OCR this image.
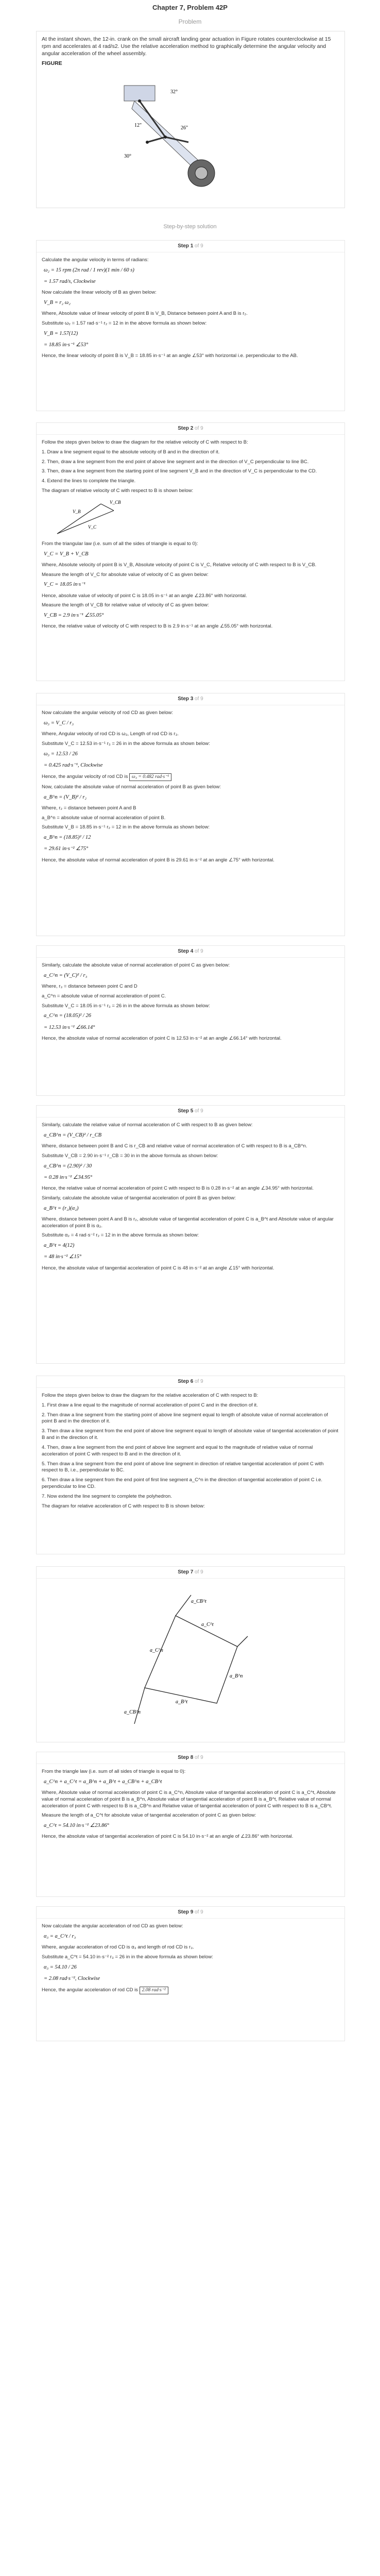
Chapter 7, Problem 42P
Problem
At the instant shown, the 12-in. crank on the small aircraft landing gear actuation in Figure rotates counterclockwise at 15 rpm and accelerates at 4 rad/s2. Use the relative acceleration method to graphically determine the angular velocity and angular acceleration of the wheel assembly.
FIGURE
32°
30°
26"
12"
Step-by-step solution
Step 1 of 9

Calculate the angular velocity in terms of radians:

ω₂ = 15 rpm (2π rad / 1 rev)(1 min / 60 s)
= 1.57 rad/s, Clockwise

Now calculate the linear velocity of B as given below:

V_B = r₂ ω₂

Where, Absolute value of linear velocity of point B is V_B, Distance between point A and B is r₂.

Substitute ω₂ = 1.57 rad·s⁻¹ r₂ = 12 in in the above formula as shown below:

V_B = 1.57(12)
= 18.85 in·s⁻¹ ∠53°

Hence, the linear velocity of point B is V_B = 18.85 in·s⁻¹ at an angle ∠53° with horizontal i.e. perpendicular to the AB.

Step 2 of 9

Follow the steps given below to draw the diagram for the relative velocity of C with respect to B:

1. Draw a line segment equal to the absolute velocity of B and in the direction of it.

2. Then, draw a line segment from the end point of above line segment and in the direction of V_C perpendicular to line BC.

3. Then, draw a line segment from the starting point of line segment V_B and in the direction of V_C is perpendicular to the CD.

4. Extend the lines to complete the triangle.

The diagram of relative velocity of C with respect to B is shown below:

V_B
V_C
V_CB

From the triangular law (i.e. sum of all the sides of triangle is equal to 0):

V_C = V_B + V_CB

Where, Absolute velocity of point B is V_B, Absolute velocity of point C is V_C, Relative velocity of C with respect to B is V_CB.

Measure the length of V_C for absolute value of velocity of C as given below:

V_C = 18.05 in·s⁻¹

Hence, absolute value of velocity of point C is 18.05 in·s⁻¹ at an angle ∠23.86° with horizontal.

Measure the length of V_CB for relative value of velocity of C as given below:

V_CB = 2.9 in·s⁻¹ ∠55.05°

Hence, the relative value of velocity of C with respect to B is 2.9 in·s⁻¹ at an angle ∠55.05° with horizontal.

Step 3 of 9

Now calculate the angular velocity of rod CD as given below:

ω₃ = V_C / r₃

Where, Angular velocity of rod CD is ω₃, Length of rod CD is r₃.

Substitute V_C = 12.53 in·s⁻¹ r₃ = 26 in in the above formula as shown below:

ω₃ = 12.53 / 26
= 0.425 rad·s⁻¹, Clockwise

Hence, the angular velocity of rod CD is ω₃ = 0.482 rad·s⁻¹

Now, calculate the absolute value of normal acceleration of point B as given below:

a_B^n = (V_B)² / r₂

Where, r₂ = distance between point A and B

a_B^n = absolute value of normal acceleration of point B.

Substitute V_B = 18.85 in·s⁻¹ r₂ = 12 in in the above formula as shown below:

a_B^n = (18.85)² / 12
= 29.61 in·s⁻² ∠75°

Hence, the absolute value of normal acceleration of point B is 29.61 in·s⁻² at an angle ∠75° with horizontal.

Step 4 of 9

Similarly, calculate the absolute value of normal acceleration of point C as given below:

a_C^n = (V_C)² / r₃

Where, r₃ = distance between point C and D

a_C^n = absolute value of normal acceleration of point C.

Substitute V_C = 18.05 in·s⁻¹ r₃ = 26 in in the above formula as shown below:

a_C^n = (18.05)² / 26
= 12.53 in·s⁻² ∠66.14°

Hence, the absolute value of normal acceleration of point C is 12.53 in·s⁻² at an angle ∠66.14° with horizontal.

Step 5 of 9

Similarly, calculate the relative value of normal acceleration of C with respect to B as given below:

a_CB^n = (V_CB)² / r_CB

Where, distance between point B and C is r_CB and relative value of normal acceleration of C with respect to B is a_CB^n.

Substitute V_CB = 2.90 in·s⁻¹ r_CB = 30 in in the above formula as shown below:

a_CB^n = (2.90)² / 30
= 0.28 in·s⁻² ∠34.95°

Hence, the relative value of normal acceleration of point C with respect to B is 0.28 in·s⁻² at an angle ∠34.95° with horizontal.

Similarly, calculate the absolute value of tangential acceleration of point B as given below:

a_B^t = (r₂)(α₂)

Where, distance between point A and B is r₂, absolute value of tangential acceleration of point C is a_B^t and Absolute value of angular acceleration of point B is α₂.

Substitute α₂ = 4 rad·s⁻² r₂ = 12 in in the above formula as shown below:

a_B^t = 4(12)
= 48 in·s⁻² ∠15°

Hence, the absolute value of tangential acceleration of point C is 48 in·s⁻² at an angle ∠15° with horizontal.

Step 6 of 9

Follow the steps given below to draw the diagram for the relative acceleration of C with respect to B:

1. First draw a line equal to the magnitude of normal acceleration of point C and in the direction of it.

2. Then draw a line segment from the starting point of above line segment equal to length of absolute value of normal acceleration of point B and in the direction of it.

3. Then draw a line segment from the end point of above line segment equal to length of absolute value of tangential acceleration of point B and in the direction of it.

4. Then, draw a line segment from the end point of above line segment and equal to the magnitude of relative value of normal acceleration of point C with respect to B and in the direction of it.

5. Then draw a line segment from the end point of above line segment in direction of relative tangential acceleration of point C with respect to B, i.e., perpendicular to BC.

6. Then draw a line segment from the end point of first line segment a_C^n in the direction of tangential acceleration of point C i.e. perpendicular to line CD.

7. Now extend the line segment to complete the polyhedron.

The diagram for relative acceleration of C with respect to B is shown below:

Step 7 of 9
a_C^n
a_C^t
a_B^n
a_B^t
a_CB^n
a_CB^t
Step 8 of 9

From the triangle law (i.e. sum of all sides of triangle is equal to 0):

a_C^n + a_C^t = a_B^n + a_B^t + a_CB^n + a_CB^t

Where, Absolute value of normal acceleration of point C is a_C^n, Absolute value of tangential acceleration of point C is a_C^t, Absolute value of normal acceleration of point B is a_B^n, Absolute value of tangential acceleration of point B is a_B^t, Relative value of normal acceleration of point C with respect to B is a_CB^n and Relative value of tangential acceleration of point C with respect to B is a_CB^t.

Measure the length of a_C^t for absolute value of tangential acceleration of point C as given below:

a_C^t = 54.10 in·s⁻² ∠23.86°

Hence, the absolute value of tangential acceleration of point C is 54.10 in·s⁻² at an angle of ∠23.86° with horizontal.

Step 9 of 9

Now calculate the angular acceleration of rod CD as given below:

α₃ = a_C^t / r₃

Where, angular acceleration of rod CD is α₃ and length of rod CD is r₃.

Substitute a_C^t = 54.10 in·s⁻² r₃ = 26 in in the above formula as shown below:

α₃ = 54.10 / 26
= 2.08 rad·s⁻², Clockwise

Hence, the angular acceleration of rod CD is 2.08 rad·s⁻²
